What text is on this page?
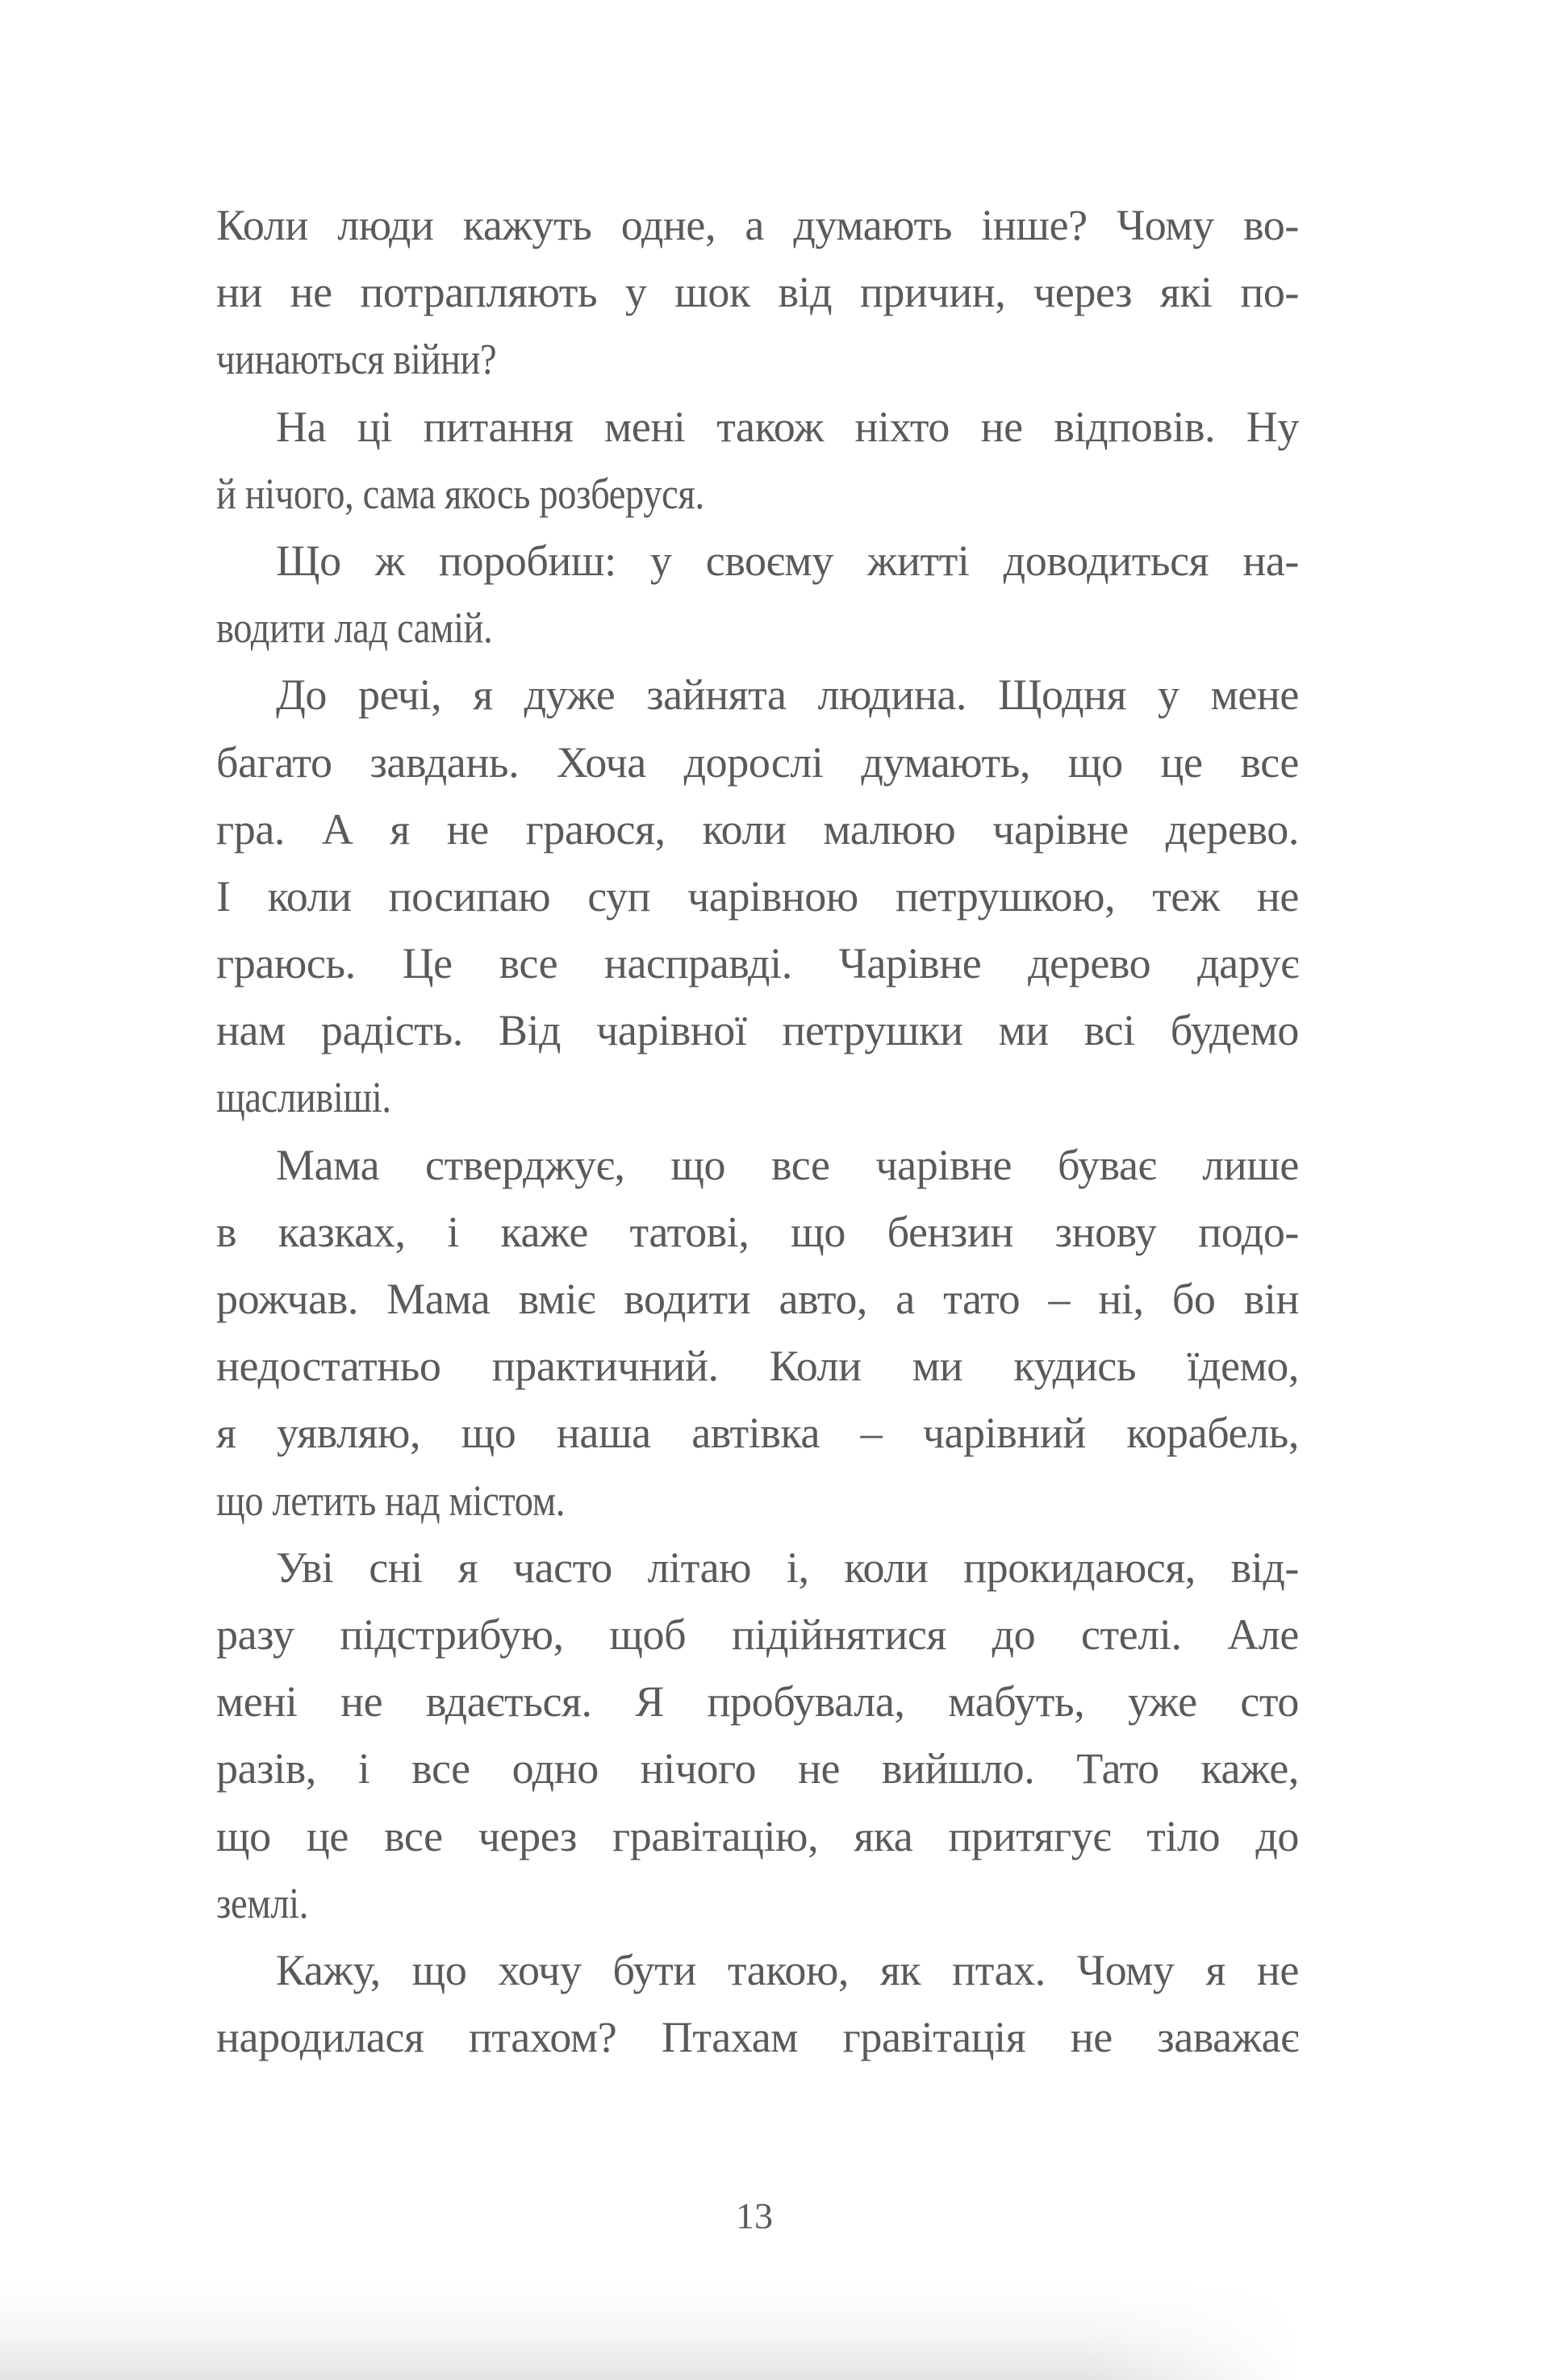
Коли люди кажуть одне, а думають інше? Чому во-
ни не потрапляють у шок від причин, через які по-
чинаються війни?
На ці питання мені також ніхто не відповів. Ну
й нічого, сама якось розберуся.
Що ж поробиш: у своєму житті доводиться на-
водити лад самій.
До речі, я дуже зайнята людина. Щодня у мене
багато завдань. Хоча дорослі думають, що це все
гра. А я не граюся, коли малюю чарівне дерево.
І коли посипаю суп чарівною петрушкою, теж не
граюсь. Це все насправді. Чарівне дерево дарує
нам радість. Від чарівної петрушки ми всі будемо
щасливіші.
Мама стверджує, що все чарівне буває лише
в казках, і каже татові, що бензин знову подо-
рожчав. Мама вміє водити авто, а тато – ні, бо він
недостатньо практичний. Коли ми кудись їдемо,
я уявляю, що наша автівка – чарівний корабель,
що летить над містом.
Уві сні я часто літаю і, коли прокидаюся, від-
разу підстрибую, щоб підійнятися до стелі. Але
мені не вдається. Я пробувала, мабуть, уже сто
разів, і все одно нічого не вийшло. Тато каже,
що це все через гравітацію, яка притягує тіло до
землі.
Кажу, що хочу бути такою, як птах. Чому я не
народилася птахом? Птахам гравітація не заважає
13
